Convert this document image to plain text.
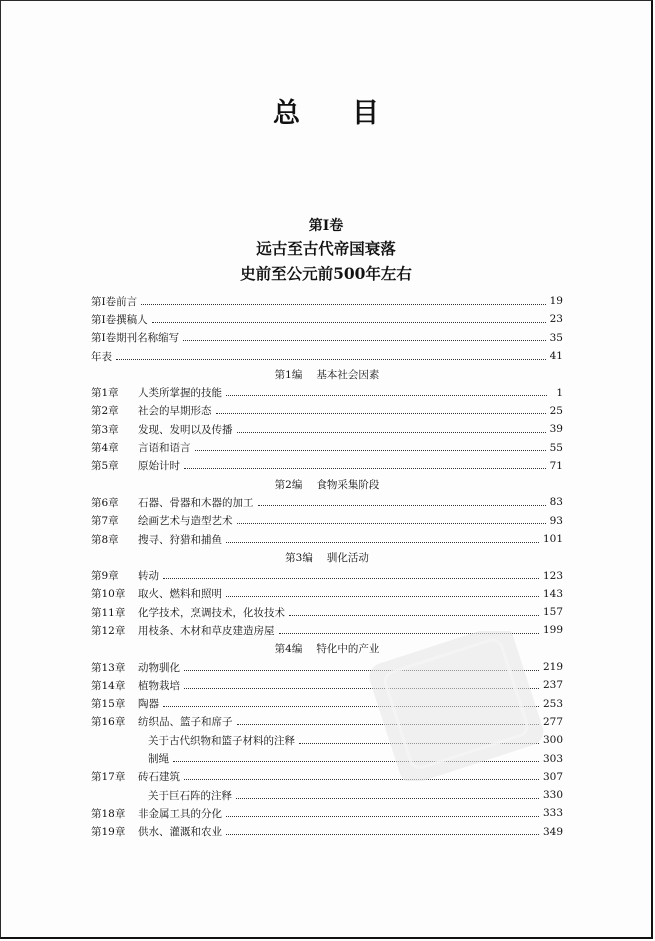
总目
第Ⅰ卷
远古至古代帝国衰落
史前至公元前500年左右
第Ⅰ卷前言	19
第Ⅰ卷撰稿人	23
第Ⅰ卷期刊名称缩写	35
年表	41
第1编 基本社会因素
第1章	人类所掌握的技能	1
第2章	社会的早期形态	25
第3章	发现、发明以及传播	39
第4章	言语和语言	55
第5章	原始计时	71
第2编 食物采集阶段
第6章	石器、骨器和木器的加工	83
第7章	绘画艺术与造型艺术	93
第8章	搜寻、狩猎和捕鱼	101
第3编 驯化活动
第9章	转动	123
第10章	取火、燃料和照明	143
第11章	化学技术，烹调技术，化妆技术	157
第12章	用枝条、木材和草皮建造房屋	199
第4编 特化中的产业
第13章	动物驯化	219
第14章	植物栽培	237
第15章	陶器	253
第16章	纺织品、篮子和席子	277
关于古代织物和篮子材料的注释	300
制绳	303
第17章	砖石建筑	307
关于巨石阵的注释	330
第18章	非金属工具的分化	333
第19章	供水、灌溉和农业	349
